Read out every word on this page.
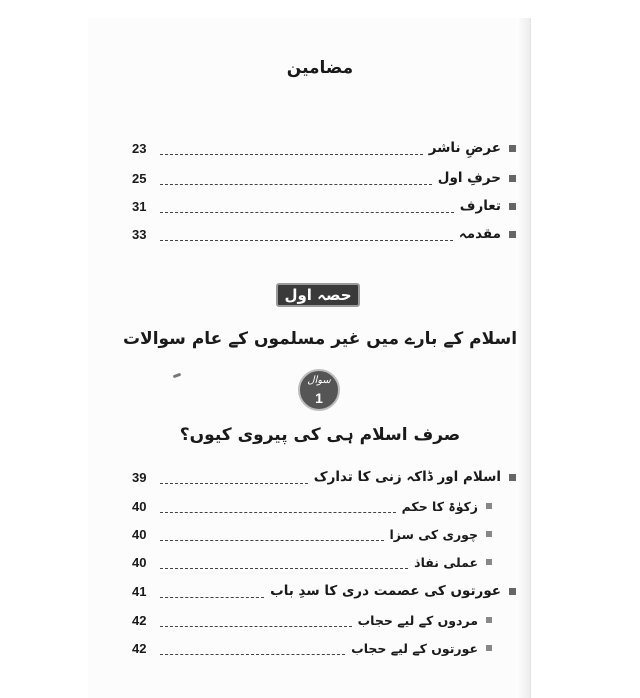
مضامین
عرضِ ناشر
23
حرفِ اول
25
تعارف
31
مقدمہ
33
حصہ اول
اسلام کے بارے میں غیر مسلموں کے عام سوالات
سوال
1
صرف اسلام ہی کی پیروی کیوں؟
اسلام اور ڈاکہ زنی کا تدارک
39
زکوٰۃ کا حکم
40
چوری کی سزا
40
عملی نفاذ
40
عورتوں کی عصمت دری کا سدِ باب
41
مردوں کے لیے حجاب
42
عورتوں کے لیے حجاب
42
